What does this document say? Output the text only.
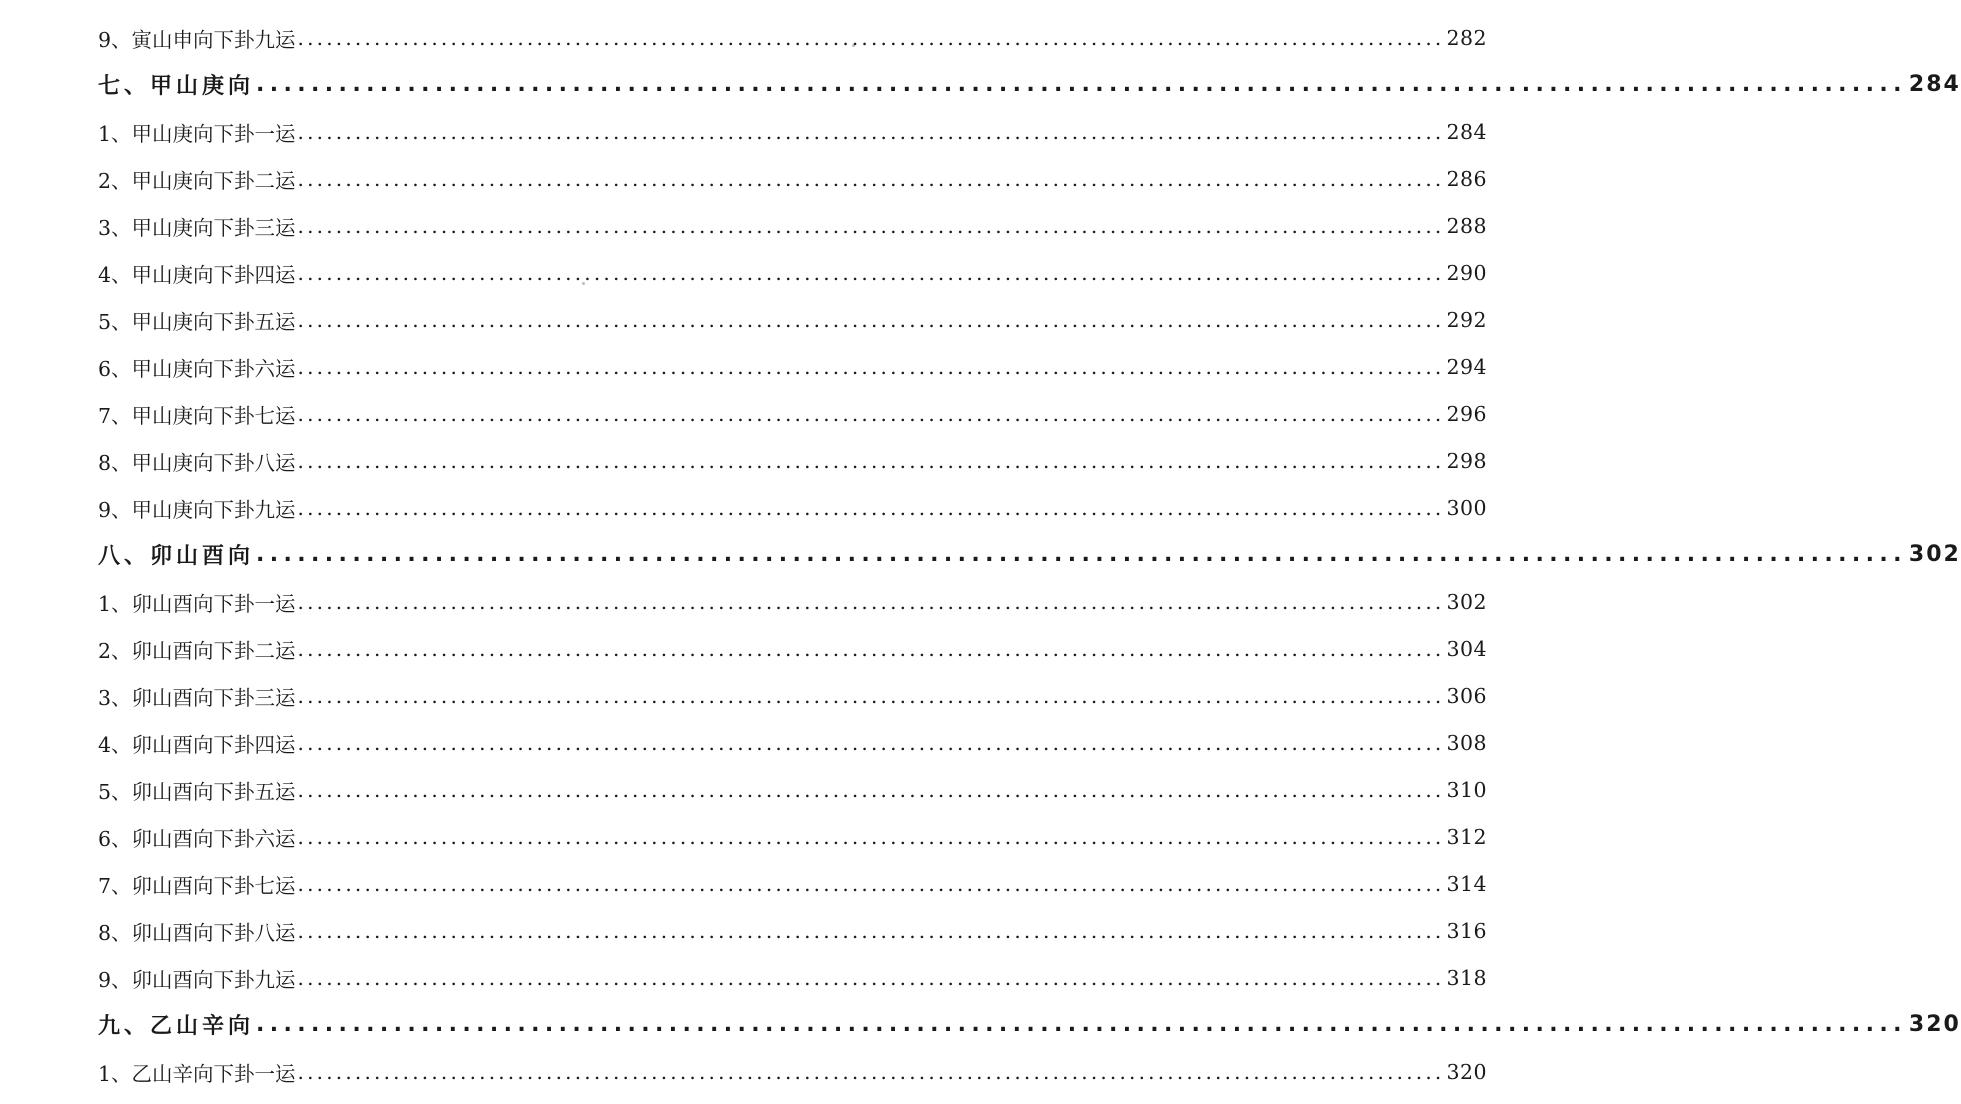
9、寅山申向下卦九运 ........................................................................................................................ 282
七、甲山庚向 ........................................................................................................................ 284
1、甲山庚向下卦一运 ........................................................................................................................ 284
2、甲山庚向下卦二运 ........................................................................................................................ 286
3、甲山庚向下卦三运 ........................................................................................................................ 288
4、甲山庚向下卦四运 ........................................................................................................................ 290
5、甲山庚向下卦五运 ........................................................................................................................ 292
6、甲山庚向下卦六运 ........................................................................................................................ 294
7、甲山庚向下卦七运 ........................................................................................................................ 296
8、甲山庚向下卦八运 ........................................................................................................................ 298
9、甲山庚向下卦九运 ........................................................................................................................ 300
八、卯山酉向 ........................................................................................................................ 302
1、卯山酉向下卦一运 ........................................................................................................................ 302
2、卯山酉向下卦二运 ........................................................................................................................ 304
3、卯山酉向下卦三运 ........................................................................................................................ 306
4、卯山酉向下卦四运 ........................................................................................................................ 308
5、卯山酉向下卦五运 ........................................................................................................................ 310
6、卯山酉向下卦六运 ........................................................................................................................ 312
7、卯山酉向下卦七运 ........................................................................................................................ 314
8、卯山酉向下卦八运 ........................................................................................................................ 316
9、卯山酉向下卦九运 ........................................................................................................................ 318
九、乙山辛向 ........................................................................................................................ 320
1、乙山辛向下卦一运 ........................................................................................................................ 320
